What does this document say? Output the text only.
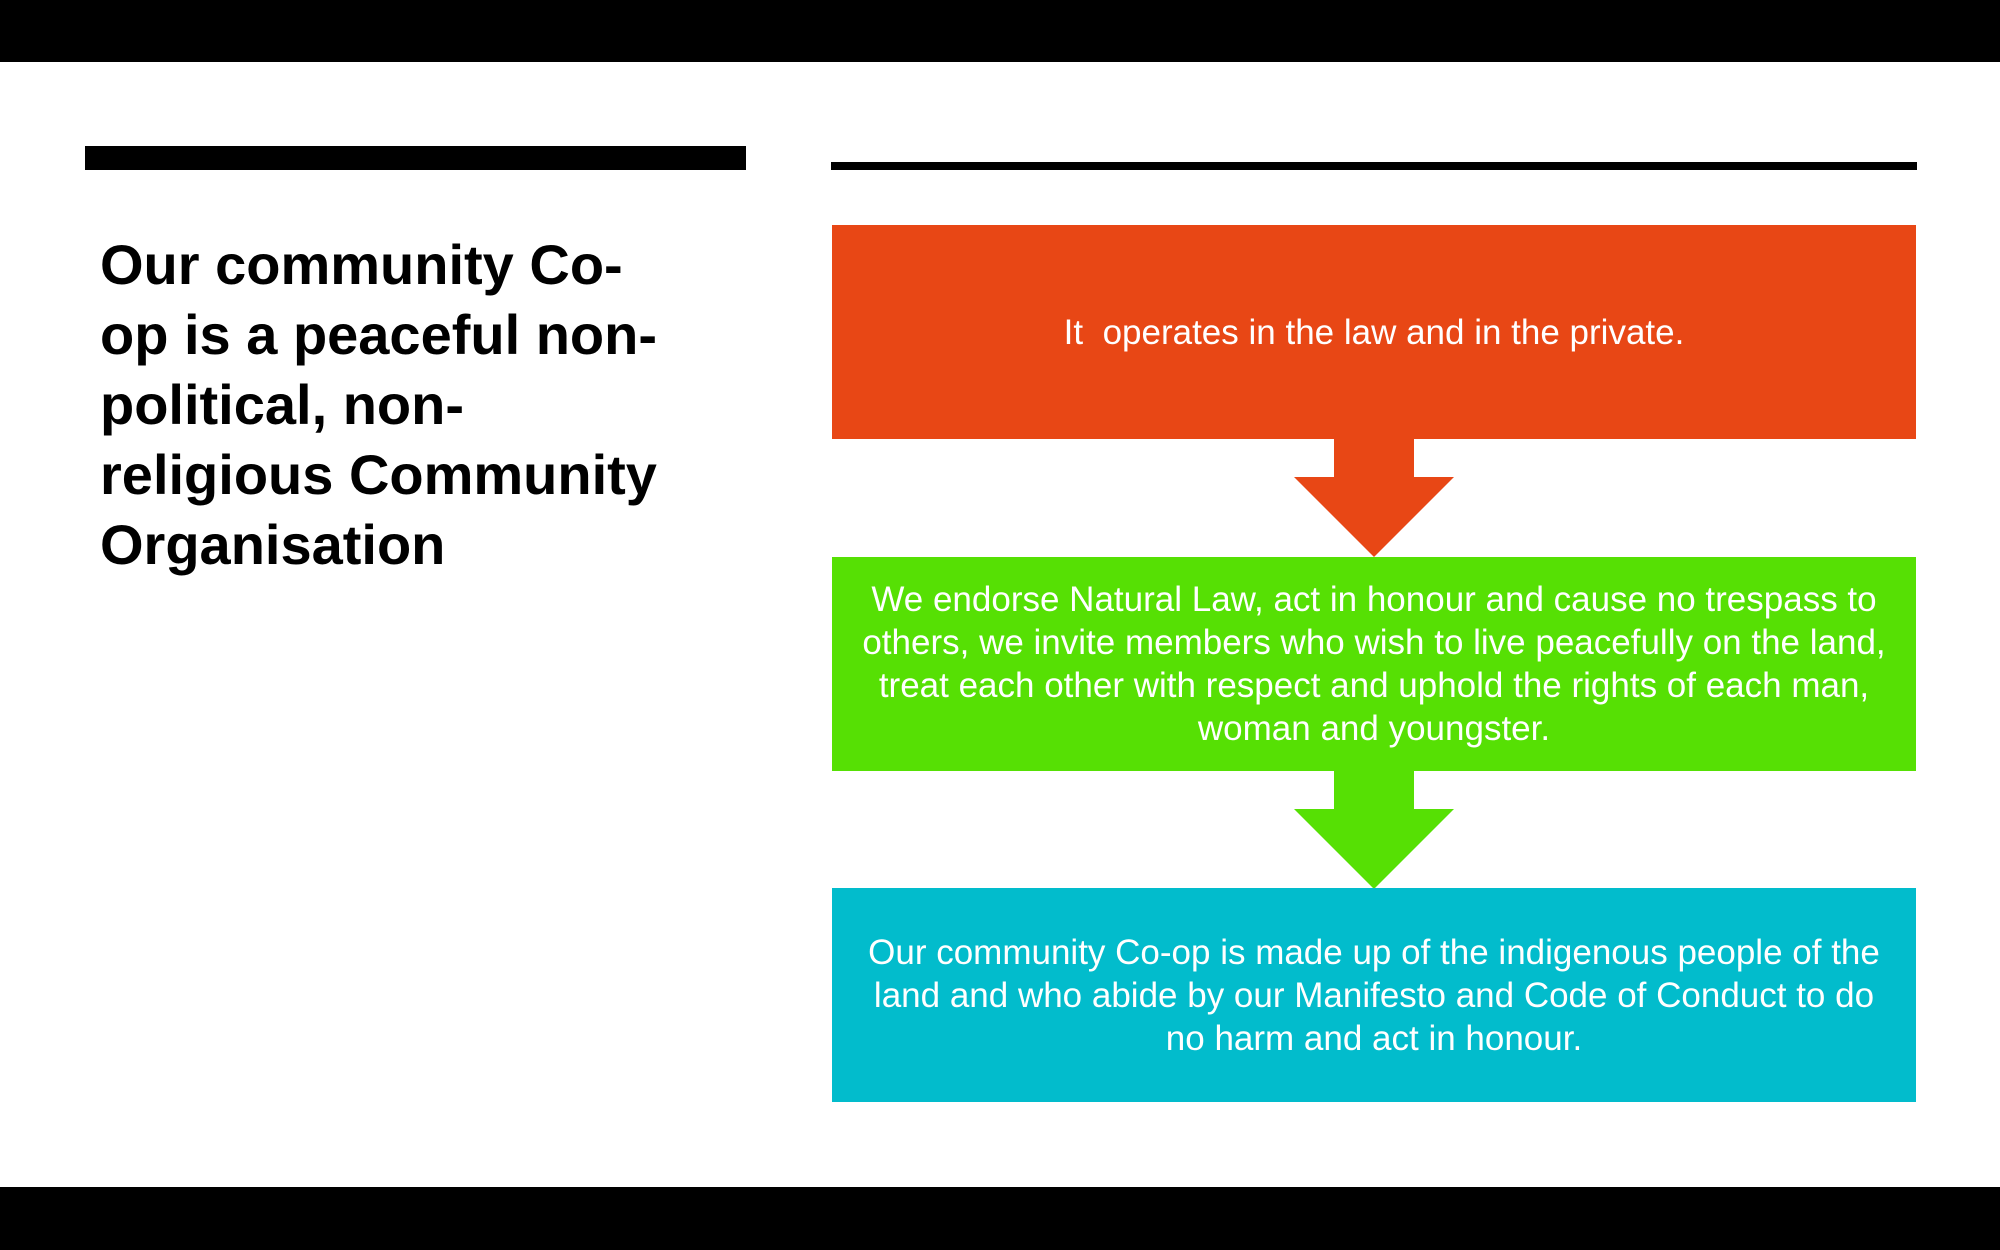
Our community Co-op is a peaceful non-political, non-religious Community Organisation
It  operates in the law and in the private.
We endorse Natural Law, act in honour and cause no trespass to others, we invite members who wish to live peacefully on the land, treat each other with respect and uphold the rights of each man, woman and youngster.
Our community Co-op is made up of the indigenous people of the land and who abide by our Manifesto and Code of Conduct to do no harm and act in honour.
